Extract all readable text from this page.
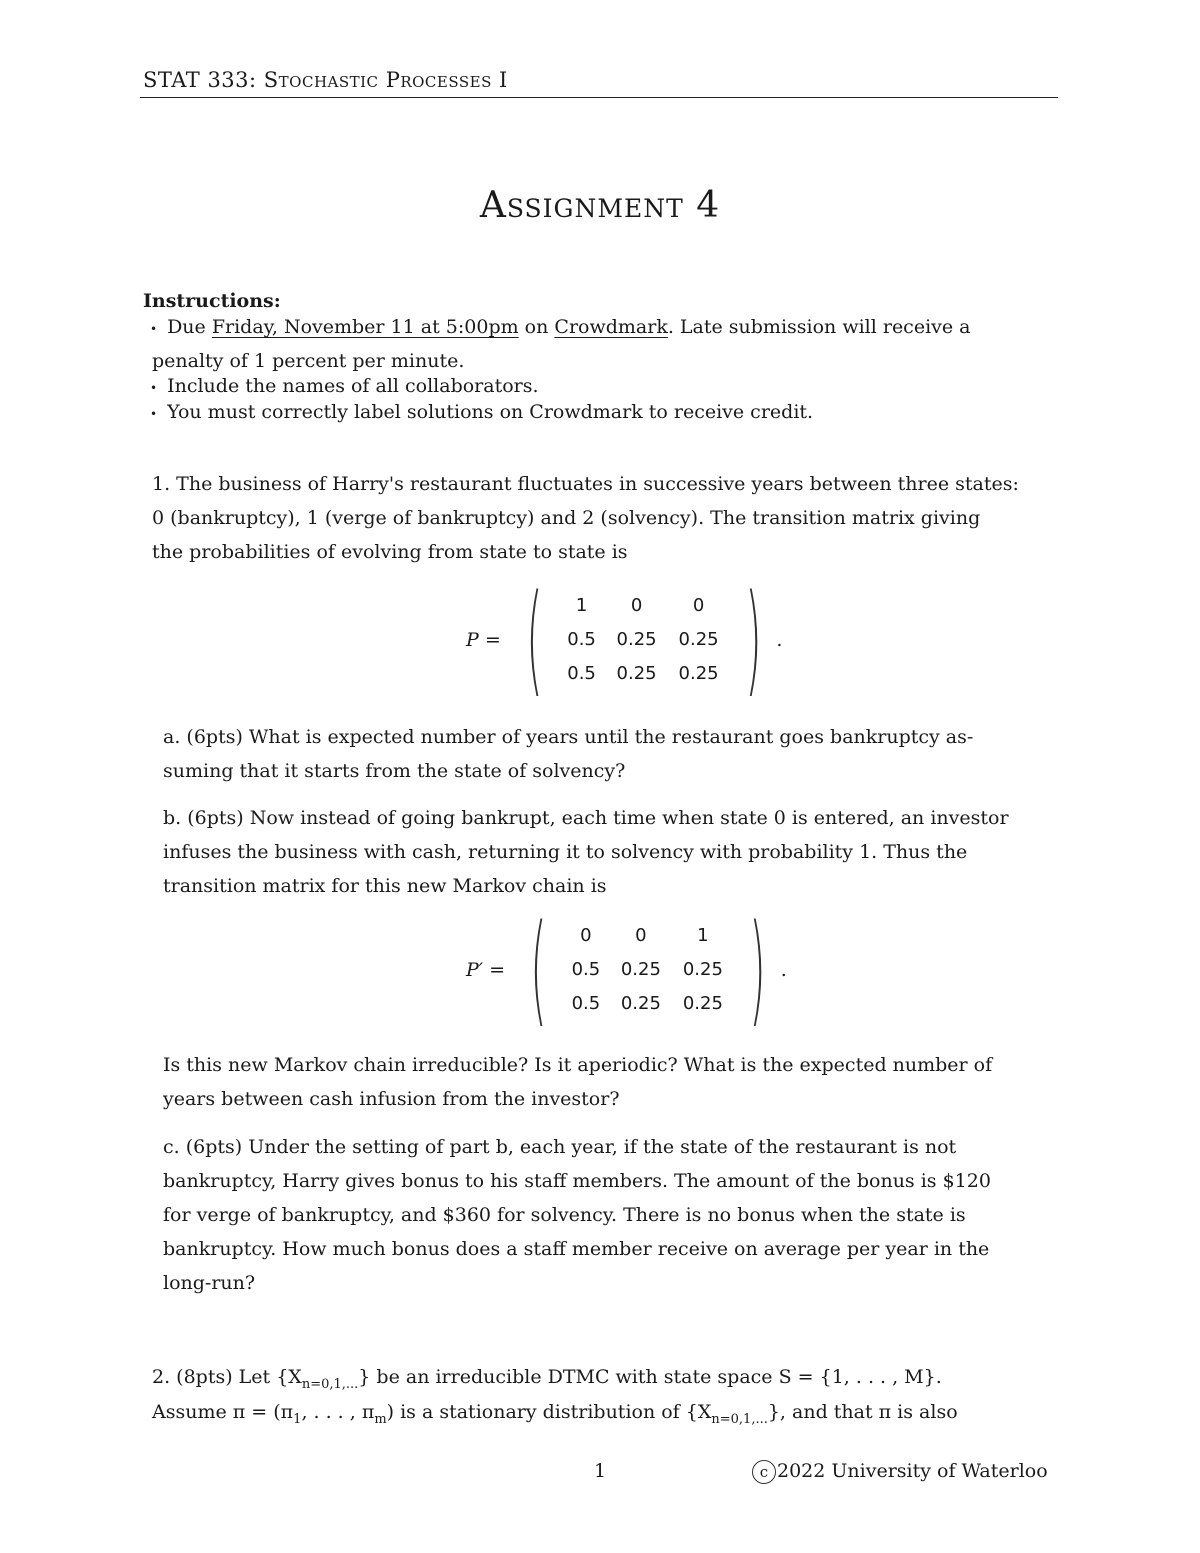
STAT 333: Stochastic Processes I
Assignment 4
Instructions:
• Due Friday, November 11 at 5:00pm on Crowdmark. Late submission will receive a
penalty of 1 percent per minute.
• Include the names of all collaborators.
• You must correctly label solutions on Crowdmark to receive credit.
1. The business of Harry's restaurant fluctuates in successive years between three states:
0 (bankruptcy), 1 (verge of bankruptcy) and 2 (solvency). The transition matrix giving
the probabilities of evolving from state to state is
P = (	1	0	0
0.5	0.25	0.25
0.5	0.25	0.25 ) .
a. (6pts) What is expected number of years until the restaurant goes bankruptcy as-
suming that it starts from the state of solvency?
b. (6pts) Now instead of going bankrupt, each time when state 0 is entered, an investor
infuses the business with cash, returning it to solvency with probability 1. Thus the
transition matrix for this new Markov chain is
P′ = (	0	0	1
0.5	0.25	0.25
0.5	0.25	0.25 ) .
Is this new Markov chain irreducible? Is it aperiodic? What is the expected number of
years between cash infusion from the investor?
c. (6pts) Under the setting of part b, each year, if the state of the restaurant is not
bankruptcy, Harry gives bonus to his staff members. The amount of the bonus is $120
for verge of bankruptcy, and $360 for solvency. There is no bonus when the state is
bankruptcy. How much bonus does a staff member receive on average per year in the
long-run?
2. (8pts) Let $\{X_{n=0,1,...}\}$ be an irreducible DTMC with state space S = {1, . . . , M}.
Assume $\pi = (\pi_1$, . . . , $\pi_m$) is a stationary distribution of $\{X_{n=0,1,...}\}$, and that π is also
1	c 2022 University of Waterloo
